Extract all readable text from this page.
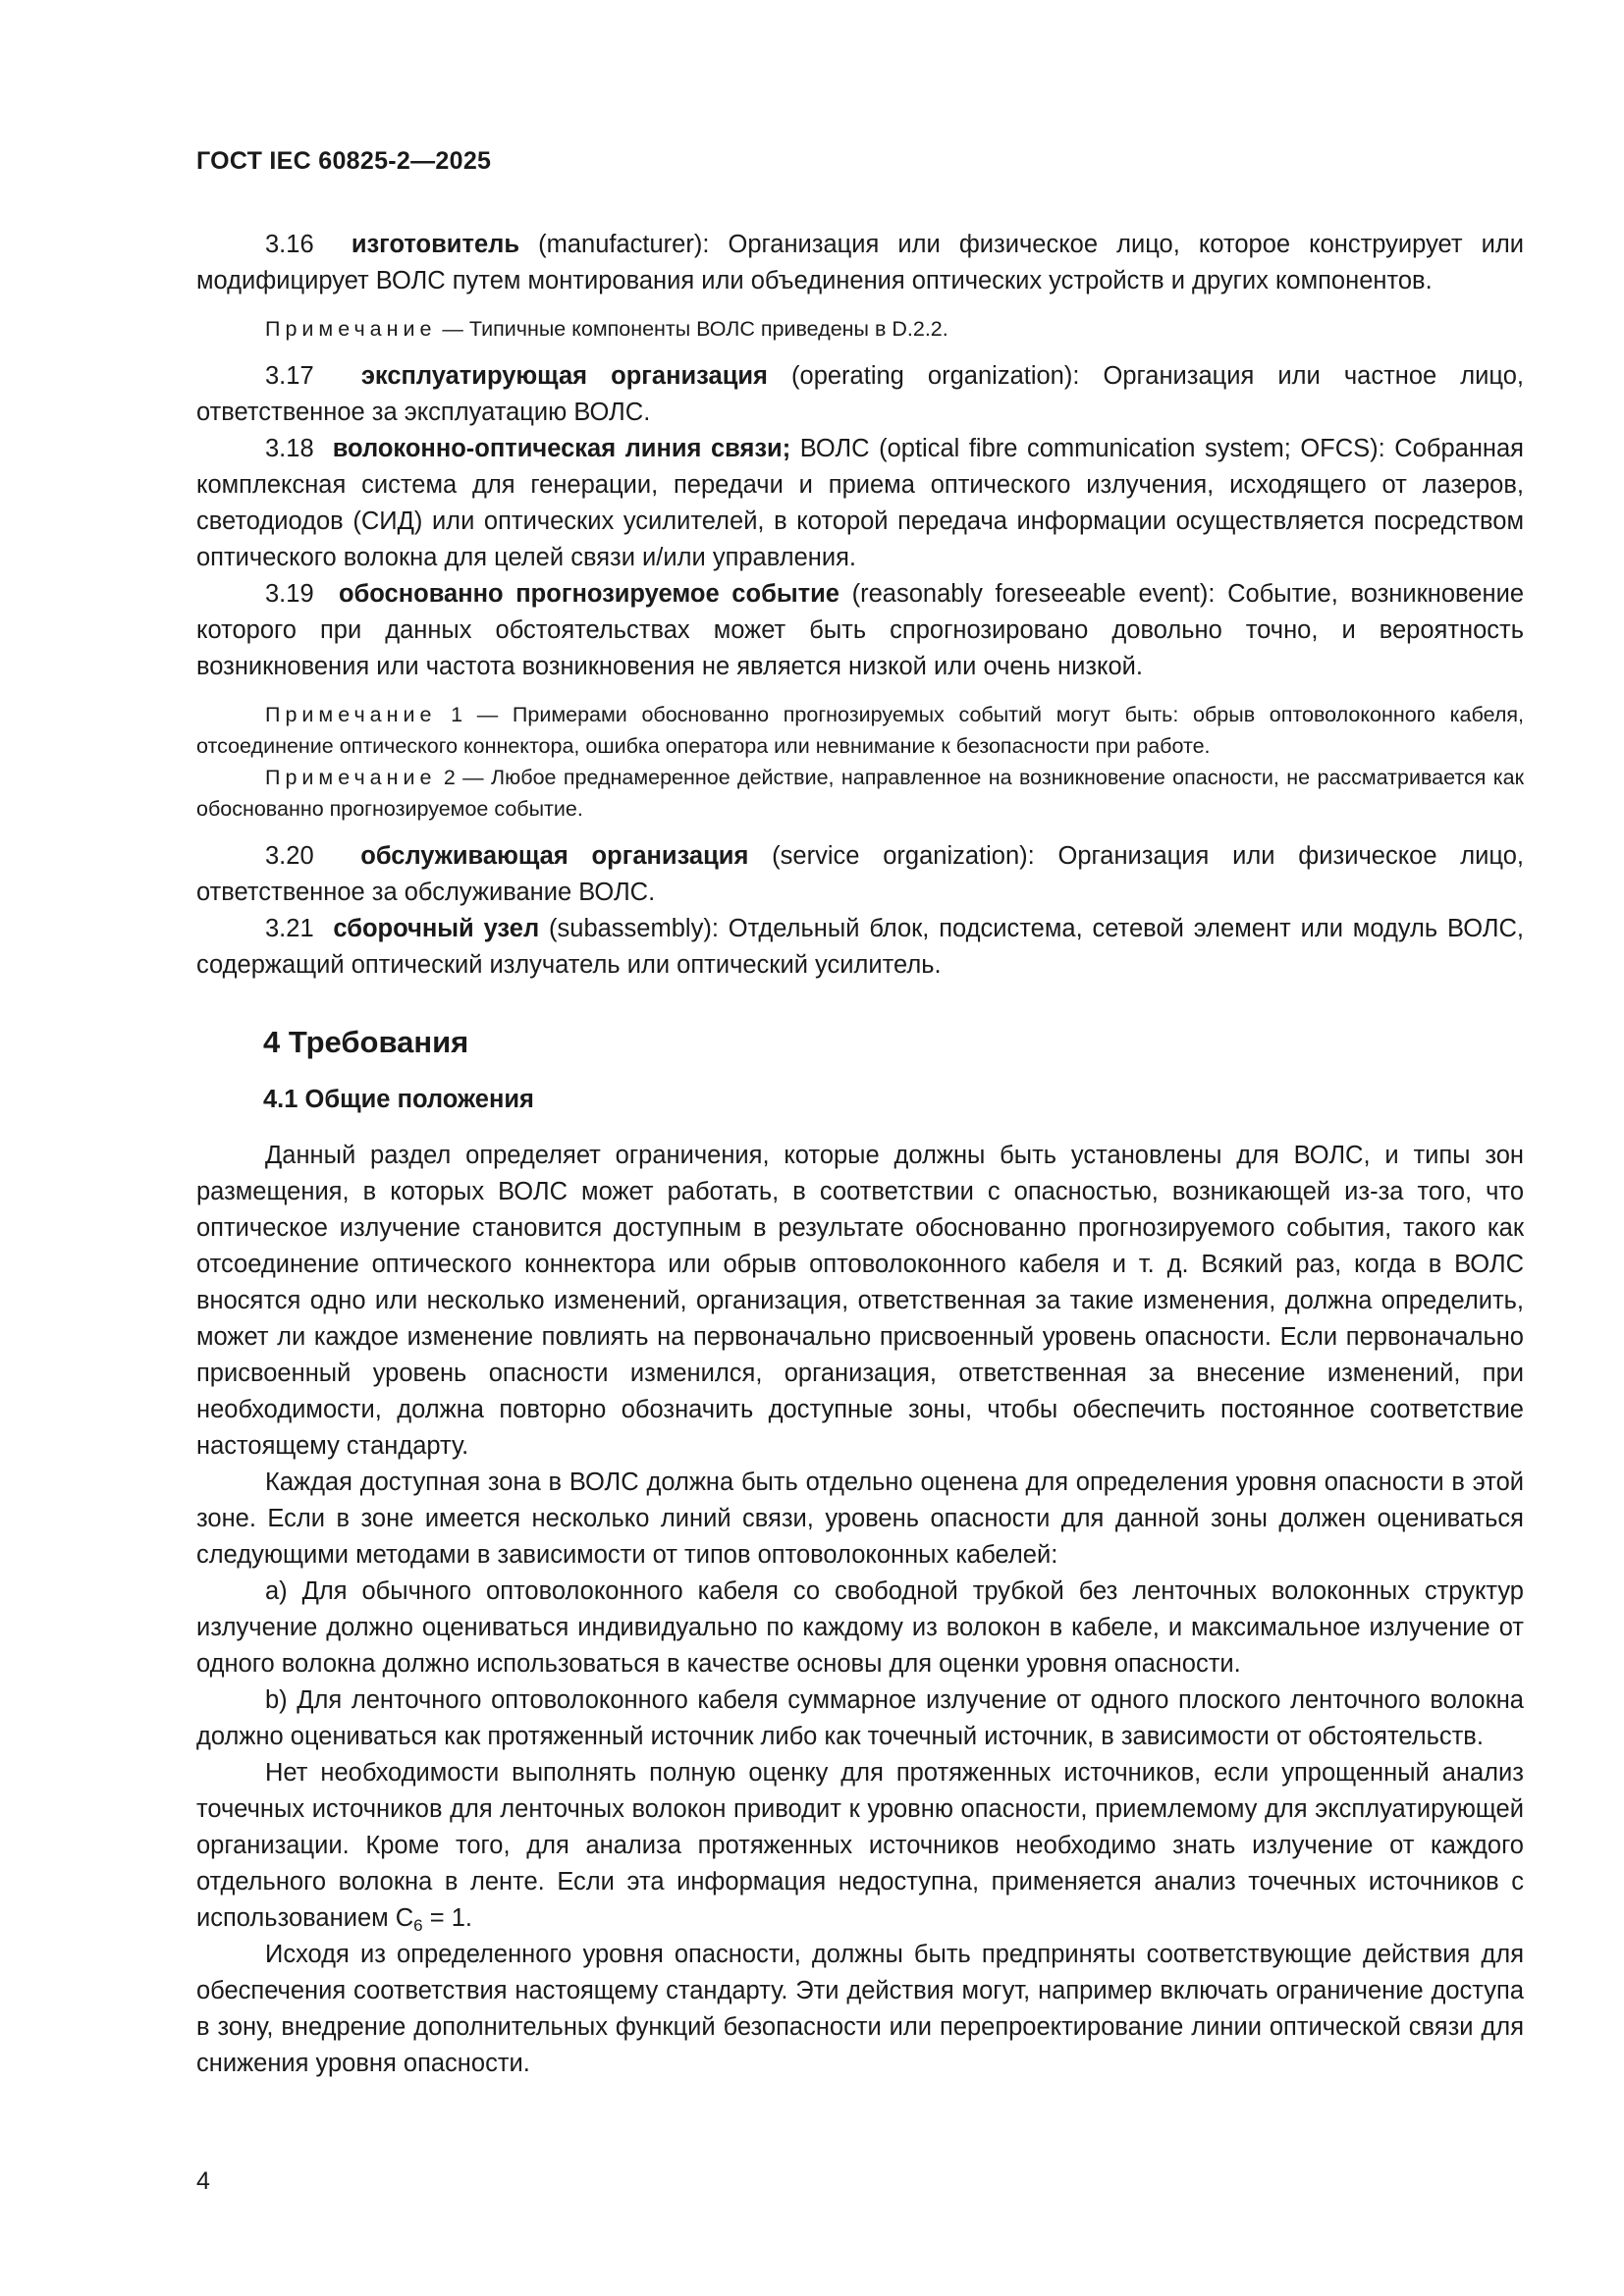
ГОСТ IEC 60825-2—2025

3.16 изготовитель (manufacturer): Организация или физическое лицо, которое конструирует или модифицирует ВОЛС путем монтирования или объединения оптических устройств и других компонентов.

Примечание — Типичные компоненты ВОЛС приведены в D.2.2.

3.17 эксплуатирующая организация (operating organization): Организация или частное лицо, ответственное за эксплуатацию ВОЛС.

3.18 волоконно-оптическая линия связи; ВОЛС (optical fibre communication system; OFCS): Собранная комплексная система для генерации, передачи и приема оптического излучения, исходящего от лазеров, светодиодов (СИД) или оптических усилителей, в которой передача информации осуществляется посредством оптического волокна для целей связи и/или управления.

3.19 обоснованно прогнозируемое событие (reasonably foreseeable event): Событие, возникновение которого при данных обстоятельствах может быть спрогнозировано довольно точно, и вероятность возникновения или частота возникновения не является низкой или очень низкой.

Примечание 1 — Примерами обоснованно прогнозируемых событий могут быть: обрыв оптоволоконного кабеля, отсоединение оптического коннектора, ошибка оператора или невнимание к безопасности при работе.

Примечание 2 — Любое преднамеренное действие, направленное на возникновение опасности, не рассматривается как обоснованно прогнозируемое событие.

3.20 обслуживающая организация (service organization): Организация или физическое лицо, ответственное за обслуживание ВОЛС.

3.21 сборочный узел (subassembly): Отдельный блок, подсистема, сетевой элемент или модуль ВОЛС, содержащий оптический излучатель или оптический усилитель.

4 Требования
4.1 Общие положения

Данный раздел определяет ограничения, которые должны быть установлены для ВОЛС, и типы зон размещения, в которых ВОЛС может работать, в соответствии с опасностью, возникающей из-за того, что оптическое излучение становится доступным в результате обоснованно прогнозируемого события, такого как отсоединение оптического коннектора или обрыв оптоволоконного кабеля и т. д. Всякий раз, когда в ВОЛС вносятся одно или несколько изменений, организация, ответственная за такие изменения, должна определить, может ли каждое изменение повлиять на первоначально присвоенный уровень опасности. Если первоначально присвоенный уровень опасности изменился, организация, ответственная за внесение изменений, при необходимости, должна повторно обозначить доступные зоны, чтобы обеспечить постоянное соответствие настоящему стандарту.

Каждая доступная зона в ВОЛС должна быть отдельно оценена для определения уровня опасности в этой зоне. Если в зоне имеется несколько линий связи, уровень опасности для данной зоны должен оцениваться следующими методами в зависимости от типов оптоволоконных кабелей:

a) Для обычного оптоволоконного кабеля со свободной трубкой без ленточных волоконных структур излучение должно оцениваться индивидуально по каждому из волокон в кабеле, и максимальное излучение от одного волокна должно использоваться в качестве основы для оценки уровня опасности.

b) Для ленточного оптоволоконного кабеля суммарное излучение от одного плоского ленточного волокна должно оцениваться как протяженный источник либо как точечный источник, в зависимости от обстоятельств.

Нет необходимости выполнять полную оценку для протяженных источников, если упрощенный анализ точечных источников для ленточных волокон приводит к уровню опасности, приемлемому для эксплуатирующей организации. Кроме того, для анализа протяженных источников необходимо знать излучение от каждого отдельного волокна в ленте. Если эта информация недоступна, применяется анализ точечных источников с использованием $C_6 = 1$.

Исходя из определенного уровня опасности, должны быть предприняты соответствующие действия для обеспечения соответствия настоящему стандарту. Эти действия могут, например включать ограничение доступа в зону, внедрение дополнительных функций безопасности или перепроектирование линии оптической связи для снижения уровня опасности.

4
